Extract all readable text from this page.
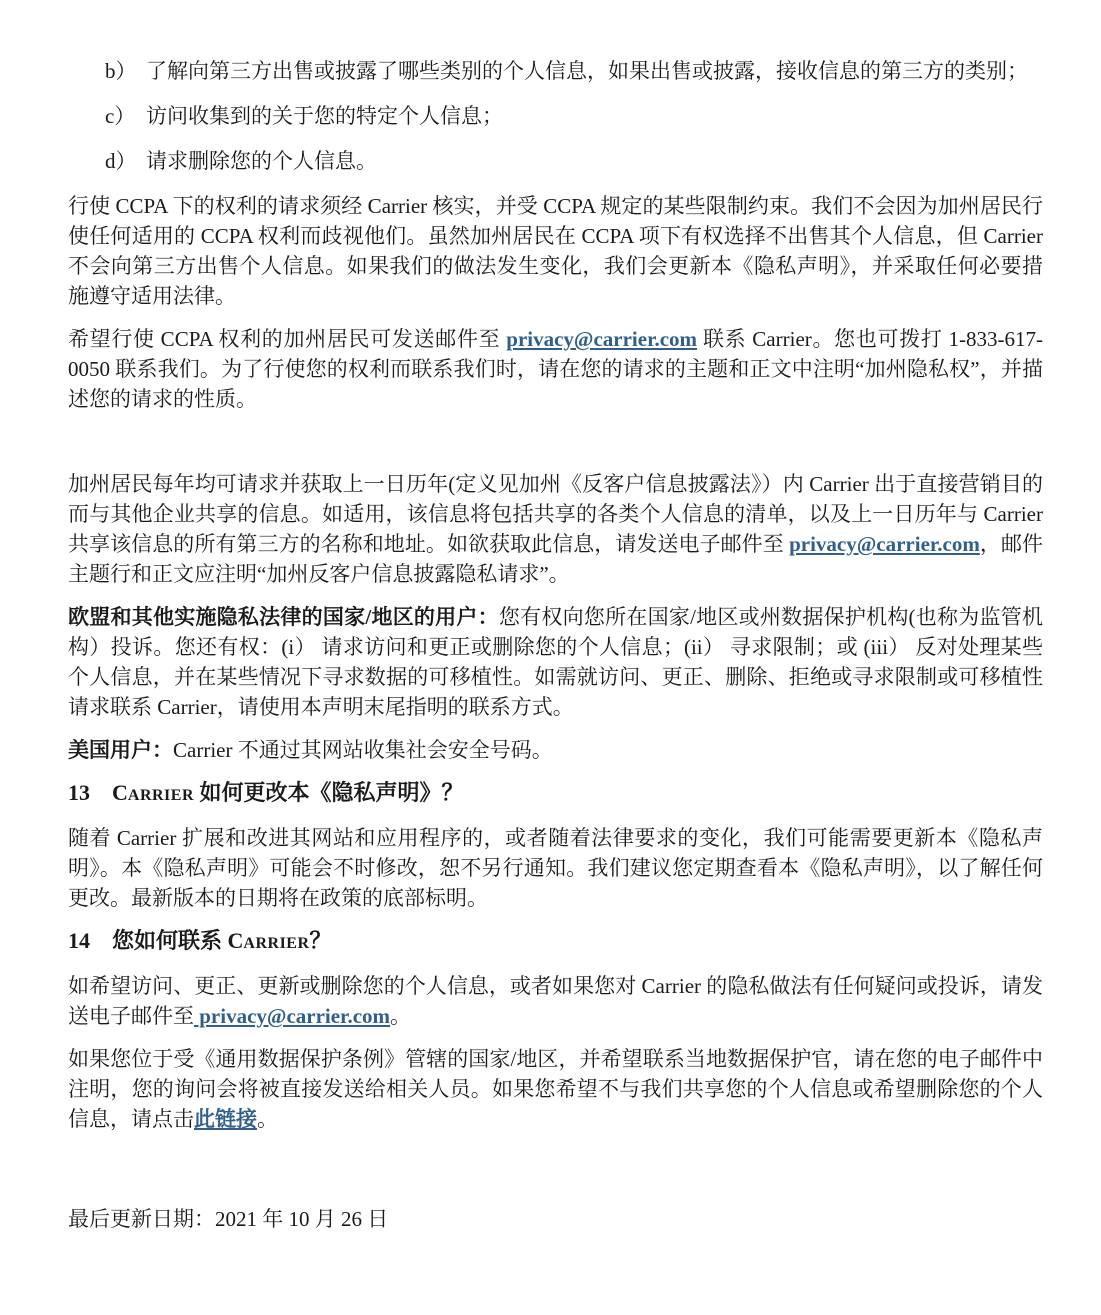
b） 了解向第三方出售或披露了哪些类别的个人信息，如果出售或披露，接收信息的第三方的类别；
c） 访问收集到的关于您的特定个人信息；
d） 请求删除您的个人信息。

行使 CCPA 下的权利的请求须经 Carrier 核实，并受 CCPA 规定的某些限制约束。我们不会因为加州居民行使任何适用的 CCPA 权利而歧视他们。虽然加州居民在 CCPA 项下有权选择不出售其个人信息，但 Carrier 不会向第三方出售个人信息。如果我们的做法发生变化，我们会更新本《隐私声明》，并采取任何必要措施遵守适用法律。

希望行使 CCPA 权利的加州居民可发送邮件至 privacy@carrier.com 联系 Carrier。您也可拨打 1-833-617-0050 联系我们。为了行使您的权利而联系我们时，请在您的请求的主题和正文中注明“加州隐私权”，并描述您的请求的性质。

加州居民每年均可请求并获取上一日历年(定义见加州《反客户信息披露法》）内 Carrier 出于直接营销目的而与其他企业共享的信息。如适用，该信息将包括共享的各类个人信息的清单，以及上一日历年与 Carrier 共享该信息的所有第三方的名称和地址。如欲获取此信息，请发送电子邮件至 privacy@carrier.com，邮件主题行和正文应注明“加州反客户信息披露隐私请求”。

欧盟和其他实施隐私法律的国家/地区的用户：您有权向您所在国家/地区或州数据保护机构(也称为监管机构）投诉。您还有权：(i） 请求访问和更正或删除您的个人信息；(ii） 寻求限制；或 (iii） 反对处理某些个人信息，并在某些情况下寻求数据的可移植性。如需就访问、更正、删除、拒绝或寻求限制或可移植性请求联系 Carrier，请使用本声明末尾指明的联系方式。

美国用户：Carrier 不通过其网站收集社会安全号码。

13 CARRIER 如何更改本《隐私声明》？

随着 Carrier 扩展和改进其网站和应用程序的，或者随着法律要求的变化，我们可能需要更新本《隐私声明》。本《隐私声明》可能会不时修改，恕不另行通知。我们建议您定期查看本《隐私声明》，以了解任何更改。最新版本的日期将在政策的底部标明。

14 您如何联系 CARRIER？

如希望访问、更正、更新或删除您的个人信息，或者如果您对 Carrier 的隐私做法有任何疑问或投诉，请发送电子邮件至 privacy@carrier.com。

如果您位于受《通用数据保护条例》管辖的国家/地区，并希望联系当地数据保护官，请在您的电子邮件中注明，您的询问会将被直接发送给相关人员。如果您希望不与我们共享您的个人信息或希望删除您的个人信息，请点击此链接。

最后更新日期：2021 年 10 月 26 日
